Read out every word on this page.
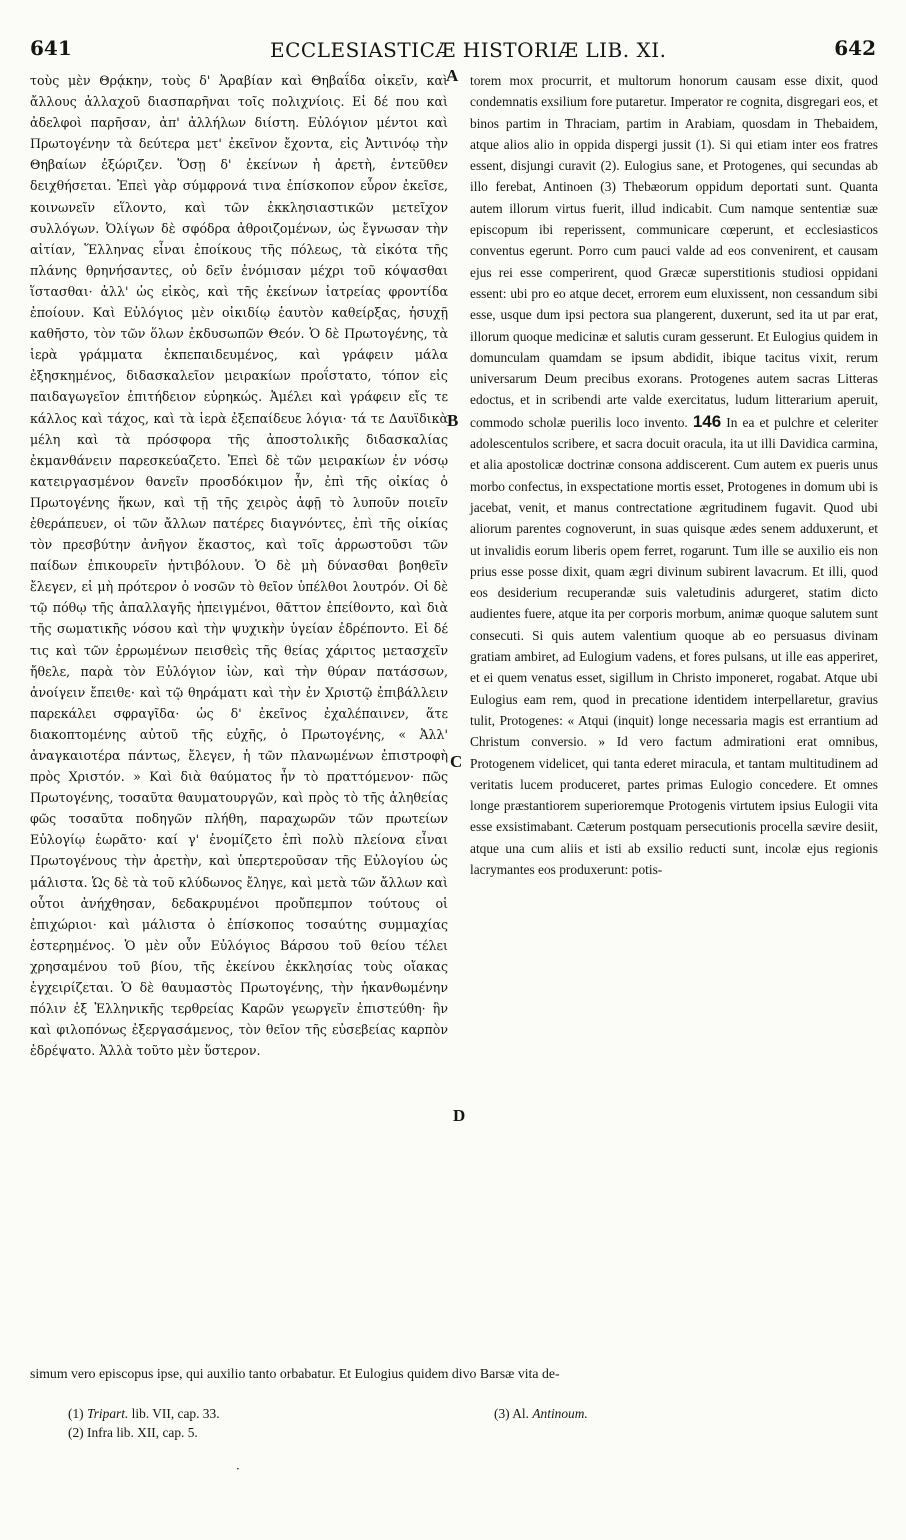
641	ECCLESIASTICÆ HISTORIÆ LIB. XI.	642

τοὺς μὲν Θρᾴκην, τοὺς δ' Ἀραβίαν καὶ Θηβαΐδα οἰκεῖν, καὶ ἄλλους ἀλλαχοῦ διασπαρῆναι τοῖς πολιχνίοις. Εἰ δέ που καὶ ἀδελφοὶ παρῆσαν, ἀπ' ἀλλήλων διίστη. Εὐλόγιον μέντοι καὶ Πρωτογένην τὰ δεύτερα μετ' ἐκεῖνον ἔχοντα, εἰς Ἀντινόῳ τὴν Θηβαίων ἐξώριζεν. Ὅσῃ δ' ἐκείνων ἡ ἀρετὴ, ἐντεῦθεν δειχθήσεται. Ἐπεὶ γὰρ σύμφρονά τινα ἐπίσκοπον εὗρον ἐκεῖσε, κοινωνεῖν εἵλοντο, καὶ τῶν ἐκκλησιαστικῶν μετεῖχον συλλόγων. Ὀλίγων δὲ σφόδρα ἀθροιζομένων, ὡς ἔγνωσαν τὴν αἰτίαν, Ἕλληνας εἶναι ἐποίκους τῆς πόλεως, τὰ εἰκότα τῆς πλάνης θρηνήσαντες, οὐ δεῖν ἐνόμισαν μέχρι τοῦ κόψασθαι ἵστασθαι· ἀλλ' ὡς εἰκὸς, καὶ τῆς ἐκείνων ἰατρείας φροντίδα ἐποίουν. Καὶ Εὐλόγιος μὲν οἰκιδίῳ ἑαυτὸν καθείρξας, ἡσυχῇ καθῆστο, τὸν τῶν ὅλων ἐκδυσωπῶν Θεόν. Ὁ δὲ Πρωτογένης, τὰ ἱερὰ γράμματα ἐκπεπαιδευμένος, καὶ γράφειν μάλα ἐξησκημένος, διδασκαλεῖον μειρακίων προΐστατο, τόπον εἰς παιδαγωγεῖον ἐπιτήδειον εὑρηκώς. Ἀμέλει καὶ γράφειν εἴς τε κάλλος καὶ τάχος, καὶ τὰ ἱερὰ ἐξεπαίδευε λόγια· τά τε Δαυϊδικὰ μέλη καὶ τὰ πρόσφορα τῆς ἀποστολικῆς διδασκαλίας ἐκμανθάνειν παρεσκεύαζετο. Ἐπεὶ δὲ τῶν μειρακίων ἐν νόσῳ κατειργασμένον θανεῖν προσδόκιμον ἦν, ἐπὶ τῆς οἰκίας ὁ Πρωτογένης ἥκων, καὶ τῇ τῆς χειρὸς ἁφῇ τὸ λυποῦν ποιεῖν ἐθεράπευεν, οἱ τῶν ἄλλων πατέρες διαγνόντες, ἐπὶ τῆς οἰκίας τὸν πρεσβύτην ἀνῆγον ἕκαστος, καὶ τοῖς ἀρρωστοῦσι τῶν παίδων ἐπικουρεῖν ἠντιβόλουν. Ὁ δὲ μὴ δύνασθαι βοηθεῖν ἔλεγεν, εἰ μὴ πρότερον ὁ νοσῶν τὸ θεῖον ὑπέλθοι λουτρόν. Οἱ δὲ τῷ πόθῳ τῆς ἀπαλλαγῆς ἠπειγμένοι, θᾶττον ἐπείθοντο, καὶ διὰ τῆς σωματικῆς νόσου καὶ τὴν ψυχικὴν ὑγείαν ἐδρέποντο. Εἰ δέ τις καὶ τῶν ἐρρωμένων πεισθεὶς τῆς θείας χάριτος μετασχεῖν ἤθελε, παρὰ τὸν Εὐλόγιον ἰὼν, καὶ τὴν θύραν πατάσσων, ἀνοίγειν ἔπειθε· καὶ τῷ θηράματι καὶ τὴν ἐν Χριστῷ ἐπιβάλλειν παρεκάλει σφραγῖδα· ὡς δ' ἐκεῖνος ἐχαλέπαινεν, ἅτε διακοπτομένης αὐτοῦ τῆς εὐχῆς, ὁ Πρωτογένης, « Ἀλλ' ἀναγκαιοτέρα πάντως, ἔλεγεν, ἡ τῶν πλανωμένων ἐπιστροφὴ πρὸς Χριστόν. » Καὶ διὰ θαύματος ἦν τὸ πραττόμενον· πῶς Πρωτογένης, τοσαῦτα θαυματουργῶν, καὶ πρὸς τὸ τῆς ἀληθείας φῶς τοσαῦτα ποδηγῶν πλήθη, παραχωρῶν τῶν πρωτείων Εὐλογίῳ ἑωρᾶτο· καί γ' ἐνομίζετο ἐπὶ πολὺ πλείονα εἶναι Πρωτογένους τὴν ἀρετὴν, καὶ ὑπερτεροῦσαν τῆς Εὐλογίου ὡς μάλιστα. Ὡς δὲ τὰ τοῦ κλύδωνος ἔληγε, καὶ μετὰ τῶν ἄλλων καὶ οὗτοι ἀνήχθησαν, δεδακρυμένοι προὔπεμπον τούτους οἱ ἐπιχώριοι· καὶ μάλιστα ὁ ἐπίσκοπος τοσαύτης συμμαχίας ἐστερημένος. Ὁ μὲν οὖν Εὐλόγιος Βάρσου τοῦ θείου τέλει χρησαμένου τοῦ βίου, τῆς ἐκείνου ἐκκλησίας τοὺς οἴακας ἐγχειρίζεται. Ὁ δὲ θαυμαστὸς Πρωτογένης, τὴν ἠκανθωμένην πόλιν ἐξ Ἑλληνικῆς τερθρείας Καρῶν γεωργεῖν ἐπιστεύθη· ἣν καὶ φιλοπόνως ἐξεργασάμενος, τὸν θεῖον τῆς εὐσεβείας καρπὸν ἐδρέψατο. Ἀλλὰ τοῦτο μὲν ὕστερον.

A
B
C
D

torem mox procurrit, et multorum honorum causam esse dixit, quod condemnatis exsilium fore putaretur. Imperator re cognita, disgregari eos, et binos partim in Thraciam, partim in Arabiam, quosdam in Thebaidem, atque alios alio in oppida dispergi jussit (1). Si qui etiam inter eos fratres essent, disjungi curavit (2). Eulogius sane, et Protogenes, qui secundas ab illo ferebat, Antinoen (3) Thebæorum oppidum deportati sunt. Quanta autem illorum virtus fuerit, illud indicabit. Cum namque sententiæ suæ episcopum ibi reperissent, communicare cœperunt, et ecclesiasticos conventus egerunt. Porro cum pauci valde ad eos convenirent, et causam ejus rei esse comperirent, quod Græcæ superstitionis studiosi oppidani essent: ubi pro eo atque decet, errorem eum eluxissent, non cessandum sibi esse, usque dum ipsi pectora sua plangerent, duxerunt, sed ita ut par erat, illorum quoque medicinæ et salutis curam gesserunt. Et Eulogius quidem in domunculam quamdam se ipsum abdidit, ibique tacitus vixit, rerum universarum Deum precibus exorans. Protogenes autem sacras Litteras edoctus, et in scribendi arte valde exercitatus, ludum litterarium aperuit, commodo scholæ puerilis loco invento. 146 In ea et pulchre et celeriter adolescentulos scribere, et sacra docuit oracula, ita ut illi Davidica carmina, et alia apostolicæ doctrinæ consona addiscerent. Cum autem ex pueris unus morbo confectus, in exspectatione mortis esset, Protogenes in domum ubi is jacebat, venit, et manus contrectatione ægritudinem fugavit. Quod ubi aliorum parentes cognoverunt, in suas quisque ædes senem adduxerunt, et ut invalidis eorum liberis opem ferret, rogarunt. Tum ille se auxilio eis non prius esse posse dixit, quam ægri divinum subirent lavacrum. Et illi, quod eos desiderium recuperandæ suis valetudinis adurgeret, statim dicto audientes fuere, atque ita per corporis morbum, animæ quoque salutem sunt consecuti. Si quis autem valentium quoque ab eo persuasus divinam gratiam ambiret, ad Eulogium vadens, et fores pulsans, ut ille eas apperiret, et ei quem venatus esset, sigillum in Christo imponeret, rogabat. Atque ubi Eulogius eam rem, quod in precatione identidem interpellaretur, gravius tulit, Protogenes: « Atqui (inquit) longe necessaria magis est errantium ad Christum conversio. » Id vero factum admirationi erat omnibus, Protogenem videlicet, qui tanta ederet miracula, et tantam multitudinem ad veritatis lucem produceret, partes primas Eulogio concedere. Et omnes longe præstantiorem superioremque Protogenis virtutem ipsius Eulogii vita esse exsistimabant. Cæterum postquam persecutionis procella sævire desiit, atque una cum aliis et isti ab exsilio reducti sunt, incolæ ejus regionis lacrymantes eos produxerunt: potis-

simum vero episcopus ipse, qui auxilio tanto orbabatur. Et Eulogius quidem divo Barsæ vita de-
(1) Tripart. lib. VII, cap. 33.
(2) Infra lib. XII, cap. 5.
(3) Al. Antinoum.
·
